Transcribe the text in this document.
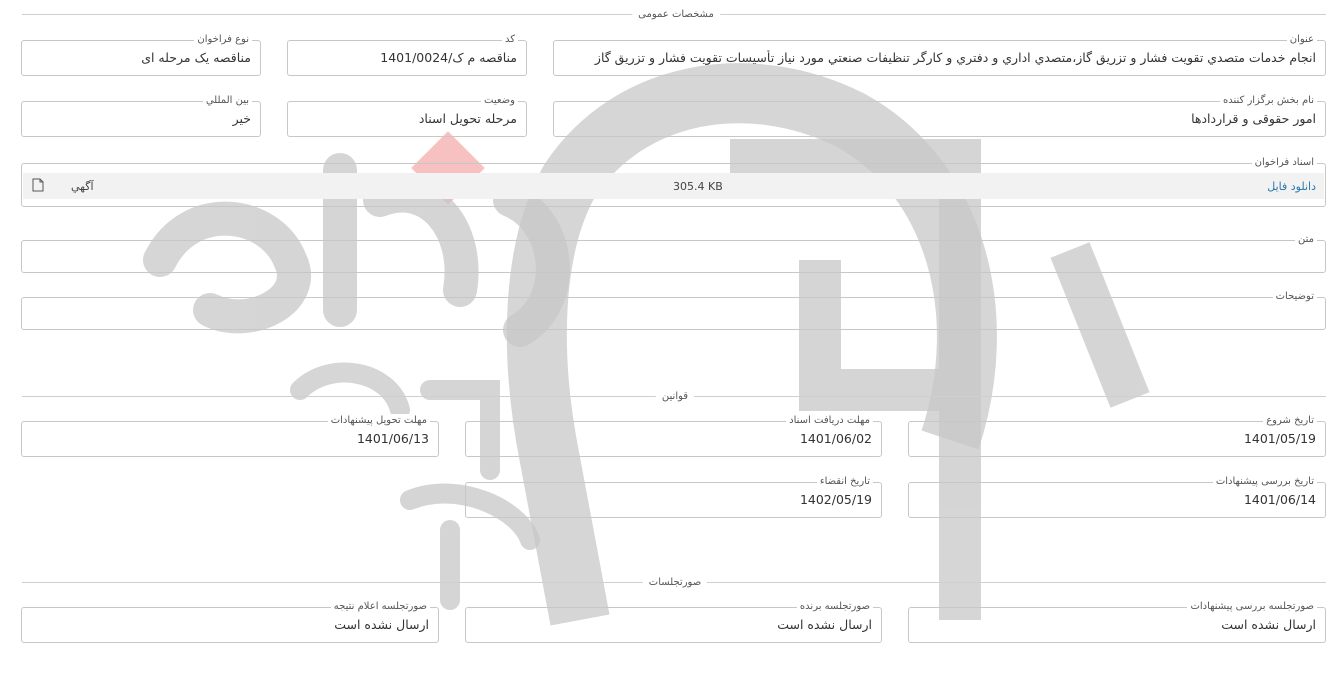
مشخصات عمومی
عنوان
انجام خدمات متصدي تقويت فشار و تزريق گاز،متصدي اداري و دفتري و كارگر تنظيفات صنعتي مورد نياز تأسيسات تقويت فشار و تزريق گاز
کد
مناقصه م ک/1401/0024
نوع فراخوان
مناقصه یک مرحله ای
نام بخش برگزار کننده
امور حقوقی و قراردادها
وضعیت
مرحله تحویل اسناد
بين المللي
خير
اسناد فراخوان
دانلود فايل
305.4 KB
آگهي
متن
توضیحات
قوانین
تاریخ شروع
1401/05/19
مهلت دریافت اسناد
1401/06/02
مهلت تحویل پیشنهادات
1401/06/13
تاریخ بررسی پیشنهادات
1401/06/14
تاریخ انقضاء
1402/05/19
صورتجلسات
صورتجلسه بررسی پیشنهادات
ارسال نشده است
صورتجلسه برنده
ارسال نشده است
صورتجلسه اعلام نتیجه
ارسال نشده است
